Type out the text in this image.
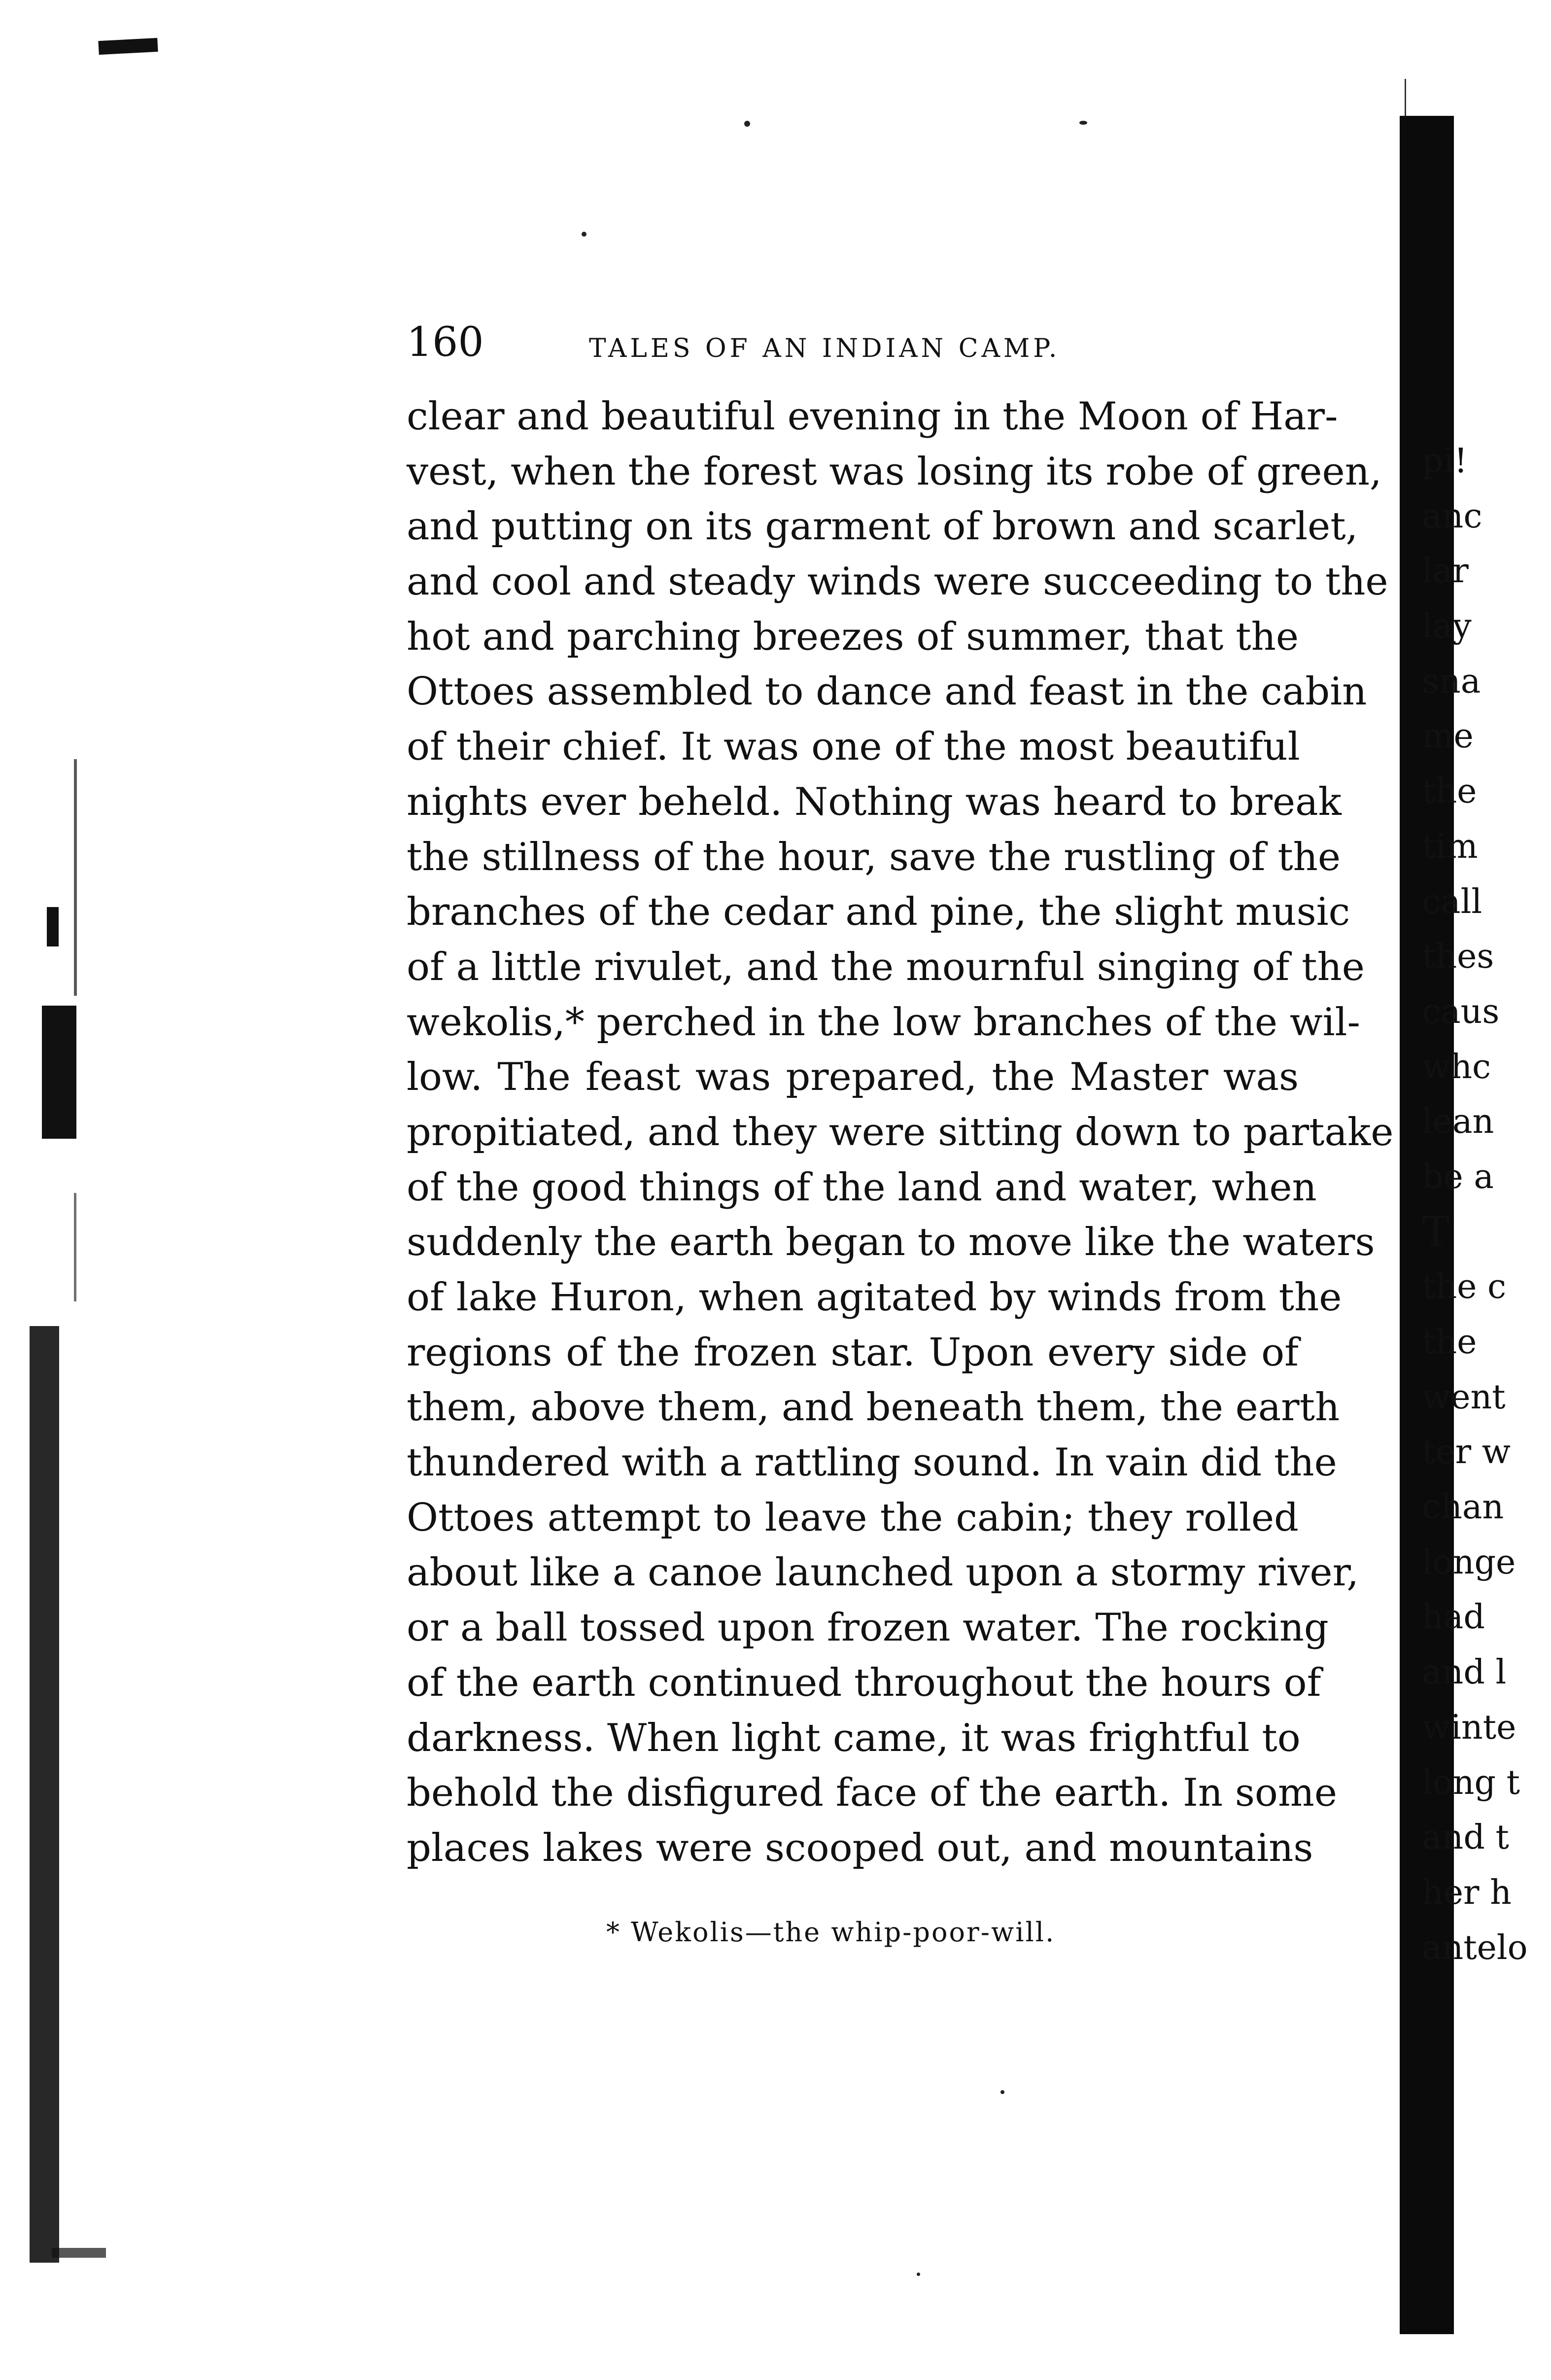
160	TALES OF AN INDIAN CAMP.
clear and beautiful evening in the Moon of Har-
vest, when the forest was losing its robe of green,
and putting on its garment of brown and scarlet,
and cool and steady winds were succeeding to the
hot and parching breezes of summer, that the
Ottoes assembled to dance and feast in the cabin
of their chief. It was one of the most beautiful
nights ever beheld. Nothing was heard to break
the stillness of the hour, save the rustling of the
branches of the cedar and pine, the slight music
of a little rivulet, and the mournful singing of the
wekolis,* perched in the low branches of the wil-
low. The feast was prepared, the Master was
propitiated, and they were sitting down to partake
of the good things of the land and water, when
suddenly the earth began to move like the waters
of lake Huron, when agitated by winds from the
regions of the frozen star. Upon every side of
them, above them, and beneath them, the earth
thundered with a rattling sound. In vain did the
Ottoes attempt to leave the cabin; they rolled
about like a canoe launched upon a stormy river,
or a ball tossed upon frozen water. The rocking
of the earth continued throughout the hours of
darkness. When light came, it was frightful to
behold the disfigured face of the earth. In some
places lakes were scooped out, and mountains
* Wekolis—the whip-poor-will.
pi!
anc
lar
lay
sna
me
the
tim
call
thes
caus
whc
lean
be a
T
the c
the
went
ter w
chan
longe
had
and l
winte
long t
and t
her h
antelo
